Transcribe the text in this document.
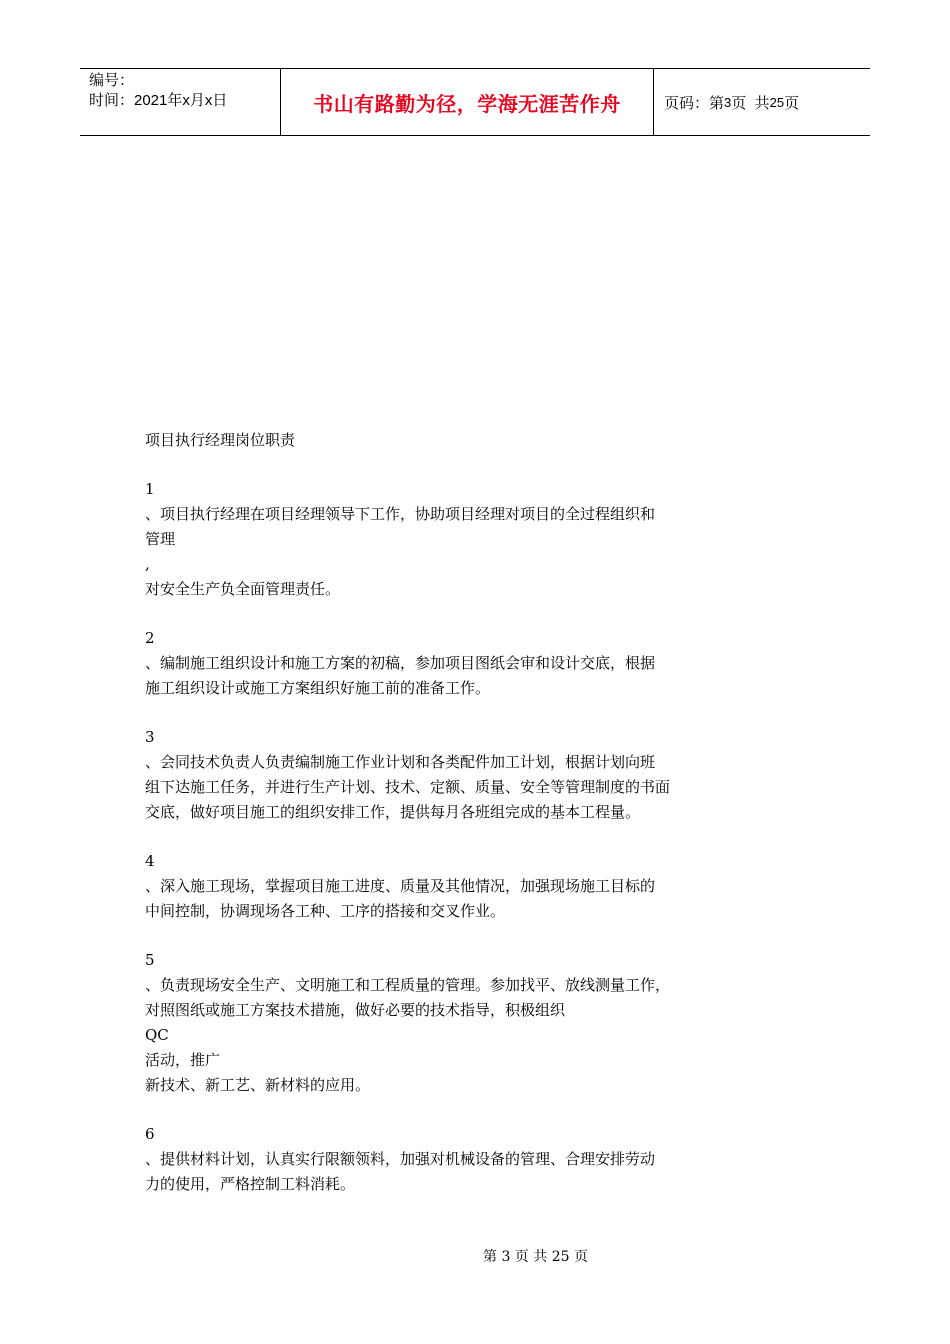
编号：
时间：2021年x月x日	书山有路勤为径，学海无涯苦作舟	页码：第 3 页  共 25 页

项目执行经理岗位职责

1

、项目执行经理在项目经理领导下工作，协助项目经理对项目的全过程组织和

管理

,

对安全生产负全面管理责任。

2

、编制施工组织设计和施工方案的初稿，参加项目图纸会审和设计交底，根据

施工组织设计或施工方案组织好施工前的准备工作。

3

、会同技术负责人负责编制施工作业计划和各类配件加工计划，根据计划向班

组下达施工任务，并进行生产计划、技术、定额、质量、安全等管理制度的书面

交底，做好项目施工的组织安排工作，提供每月各班组完成的基本工程量。

4

、深入施工现场，掌握项目施工进度、质量及其他情况，加强现场施工目标的

中间控制，协调现场各工种、工序的搭接和交叉作业。

5

、负责现场安全生产、文明施工和工程质量的管理。参加找平、放线测量工作，

对照图纸或施工方案技术措施，做好必要的技术指导，积极组织

QC

活动，推广

新技术、新工艺、新材料的应用。

6

、提供材料计划，认真实行限额领料，加强对机械设备的管理、合理安排劳动

力的使用，严格控制工料消耗。

第 3 页 共 25 页
